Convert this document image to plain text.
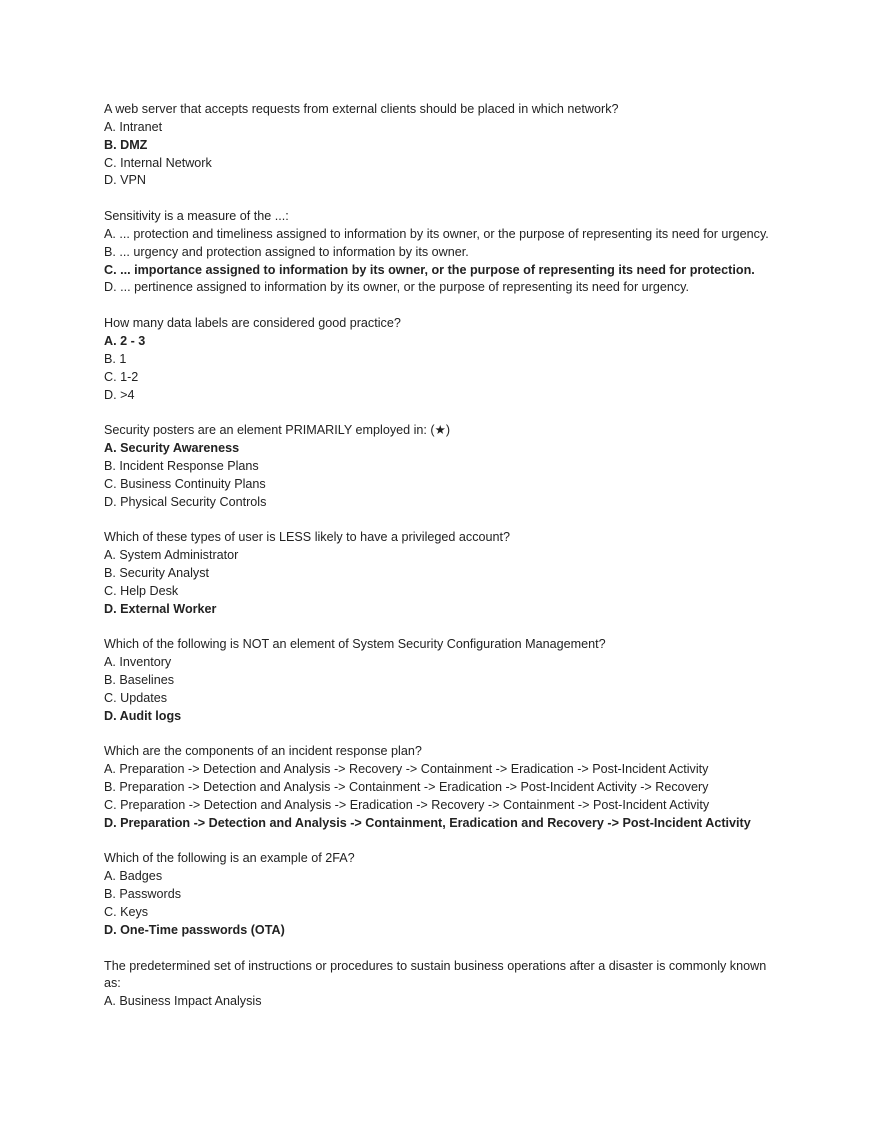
A web server that accepts requests from external clients should be placed in which network?
A. Intranet
B. DMZ
C. Internal Network
D. VPN
Sensitivity is a measure of the ...:
A. ... protection and timeliness assigned to information by its owner, or the purpose of representing its need for urgency.
B. ... urgency and protection assigned to information by its owner.
C. ... importance assigned to information by its owner, or the purpose of representing its need for protection.
D. ... pertinence assigned to information by its owner, or the purpose of representing its need for urgency.
How many data labels are considered good practice?
A. 2 - 3
B. 1
C. 1-2
D. >4
Security posters are an element PRIMARILY employed in: (★)
A. Security Awareness
B. Incident Response Plans
C. Business Continuity Plans
D. Physical Security Controls
Which of these types of user is LESS likely to have a privileged account?
A. System Administrator
B. Security Analyst
C. Help Desk
D. External Worker
Which of the following is NOT an element of System Security Configuration Management?
A. Inventory
B. Baselines
C. Updates
D. Audit logs
Which are the components of an incident response plan?
A. Preparation -> Detection and Analysis -> Recovery -> Containment -> Eradication -> Post-Incident Activity
B. Preparation -> Detection and Analysis -> Containment -> Eradication -> Post-Incident Activity -> Recovery
C. Preparation -> Detection and Analysis -> Eradication -> Recovery -> Containment -> Post-Incident Activity
D. Preparation -> Detection and Analysis -> Containment, Eradication and Recovery -> Post-Incident Activity
Which of the following is an example of 2FA?
A. Badges
B. Passwords
C. Keys
D. One-Time passwords (OTA)
The predetermined set of instructions or procedures to sustain business operations after a disaster is commonly known as:
A. Business Impact Analysis
